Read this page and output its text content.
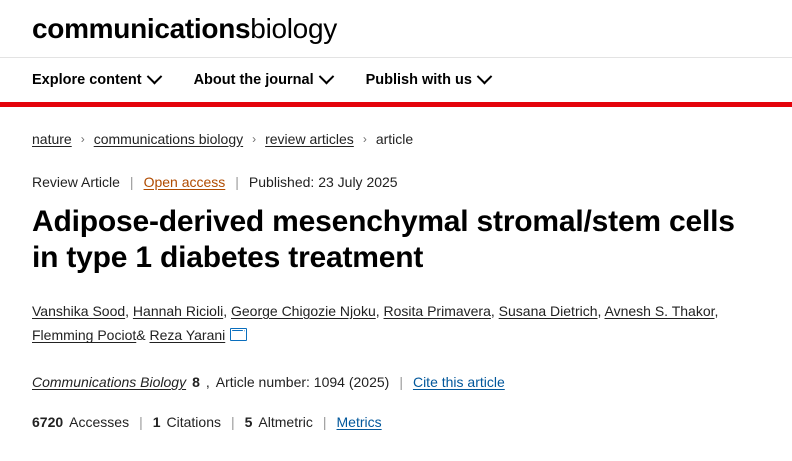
communicationsbiology
Explore content	About the journal	Publish with us
nature › communications biology › review articles › article
Review Article | Open access | Published: 23 July 2025
Adipose-derived mesenchymal stromal/stem cells in type 1 diabetes treatment
Vanshika Sood, Hannah Ricioli, George Chigozie Njoku, Rosita Primavera, Susana Dietrich, Avnesh S. Thakor, Flemming Pociot& Reza Yarani
Communications Biology 8 , Article number: 1094 (2025) | Cite this article
6720 Accesses | 1 Citations | 5 Altmetric | Metrics
